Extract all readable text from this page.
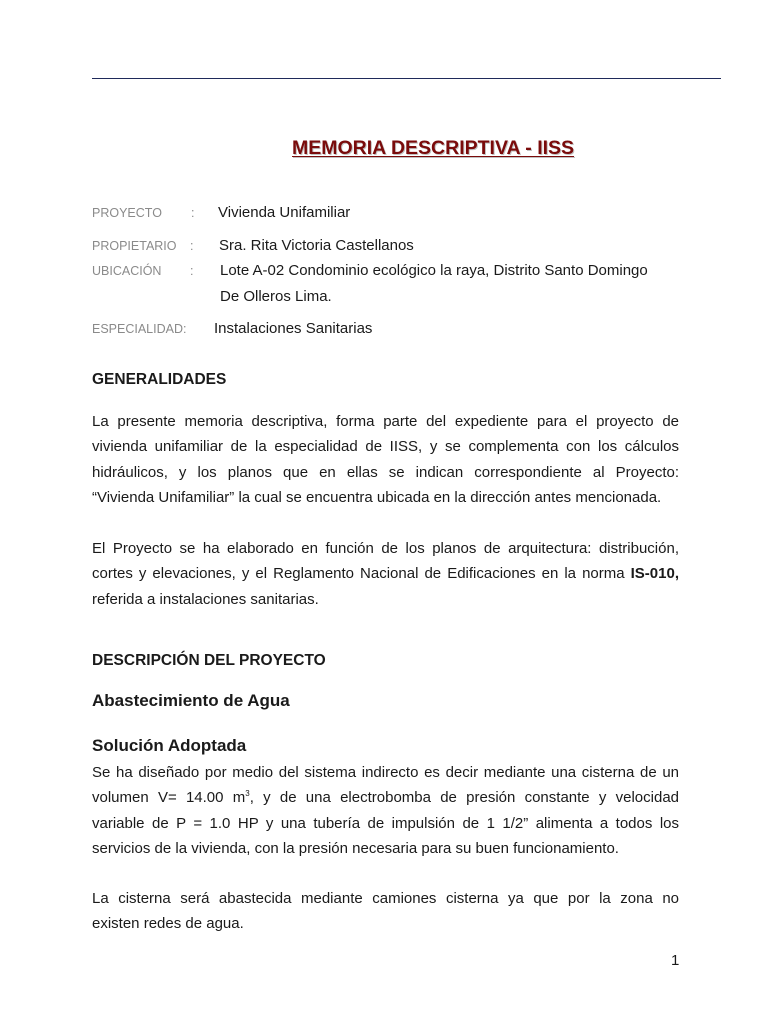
MEMORIA DESCRIPTIVA - IISS
PROYECTO : Vivienda Unifamiliar
PROPIETARIO : Sra. Rita Victoria Castellanos
UBICACIÓN : Lote A-02 Condominio ecológico la raya, Distrito Santo Domingo
De Olleros Lima.
ESPECIALIDAD: Instalaciones Sanitarias
GENERALIDADES
La presente memoria descriptiva, forma parte del expediente para el proyecto de
vivienda unifamiliar de la especialidad de IISS, y se complementa con los cálculos
hidráulicos, y los planos que en ellas se indican correspondiente al Proyecto:
“Vivienda Unifamiliar” la cual se encuentra ubicada en la dirección antes mencionada.
El Proyecto se ha elaborado en función de los planos de arquitectura: distribución,
cortes y elevaciones, y el Reglamento Nacional de Edificaciones en la norma IS-010,
referida a instalaciones sanitarias.
DESCRIPCIÓN DEL PROYECTO
Abastecimiento de Agua
Solución Adoptada
Se ha diseñado por medio del sistema indirecto es decir mediante una cisterna de un
volumen V= 14.00 $m^3$, y de una electrobomba de presión constante y velocidad
variable de P = 1.0 HP y una tubería de impulsión de 1 1/2” alimenta a todos los
servicios de la vivienda, con la presión necesaria para su buen funcionamiento.
La cisterna será abastecida mediante camiones cisterna ya que por la zona no
existen redes de agua.
1
